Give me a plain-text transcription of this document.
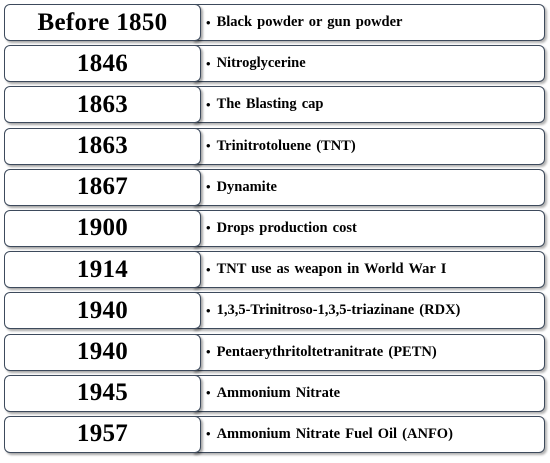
Before 1850	• Black powder or gun powder
1846	• Nitroglycerine
1863	• The Blasting cap
1863	• Trinitrotoluene (TNT)
1867	• Dynamite
1900	• Drops production cost
1914	• TNT use as weapon in World War I
1940	• 1,3,5-Trinitroso-1,3,5-triazinane (RDX)
1940	• Pentaerythritoltetranitrate (PETN)
1945	• Ammonium Nitrate
1957	• Ammonium Nitrate Fuel Oil (ANFO)
